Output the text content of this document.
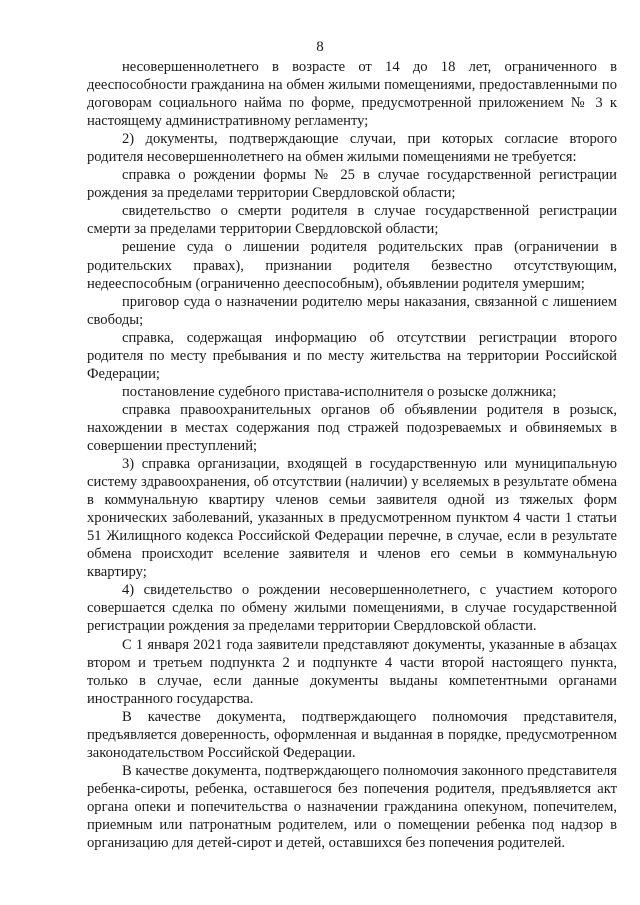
8

несовершеннолетнего в возрасте от 14 до 18 лет, ограниченного в дееспособности гражданина на обмен жилыми помещениями, предоставленными по договорам социального найма по форме, предусмотренной приложением № 3 к настоящему административному регламенту;

2) документы, подтверждающие случаи, при которых согласие второго родителя несовершеннолетнего на обмен жилыми помещениями не требуется:

справка о рождении формы № 25 в случае государственной регистрации рождения за пределами территории Свердловской области;

свидетельство о смерти родителя в случае государственной регистрации смерти за пределами территории Свердловской области;

решение суда о лишении родителя родительских прав (ограничении в родительских правах), признании родителя безвестно отсутствующим, недееспособным (ограниченно дееспособным), объявлении родителя умершим;

приговор суда о назначении родителю меры наказания, связанной с лишением свободы;

справка, содержащая информацию об отсутствии регистрации второго родителя по месту пребывания и по месту жительства на территории Российской Федерации;

постановление судебного пристава-исполнителя о розыске должника;

справка правоохранительных органов об объявлении родителя в розыск, нахождении в местах содержания под стражей подозреваемых и обвиняемых в совершении преступлений;

3) справка организации, входящей в государственную или муниципальную систему здравоохранения, об отсутствии (наличии) у вселяемых в результате обмена в коммунальную квартиру членов семьи заявителя одной из тяжелых форм хронических заболеваний, указанных в предусмотренном пунктом 4 части 1 статьи 51 Жилищного кодекса Российской Федерации перечне, в случае, если в результате обмена происходит вселение заявителя и членов его семьи в коммунальную квартиру;

4) свидетельство о рождении несовершеннолетнего, с участием которого совершается сделка по обмену жилыми помещениями, в случае государственной регистрации рождения за пределами территории Свердловской области.

С 1 января 2021 года заявители представляют документы, указанные в абзацах втором и третьем подпункта 2 и подпункте 4 части второй настоящего пункта, только в случае, если данные документы выданы компетентными органами иностранного государства.

В качестве документа, подтверждающего полномочия представителя, предъявляется доверенность, оформленная и выданная в порядке, предусмотренном законодательством Российской Федерации.

В качестве документа, подтверждающего полномочия законного представителя ребенка-сироты, ребенка, оставшегося без попечения родителя, предъявляется акт органа опеки и попечительства о назначении гражданина опекуном, попечителем, приемным или патронатным родителем, или о помещении ребенка под надзор в организацию для детей-сирот и детей, оставшихся без попечения родителей.
